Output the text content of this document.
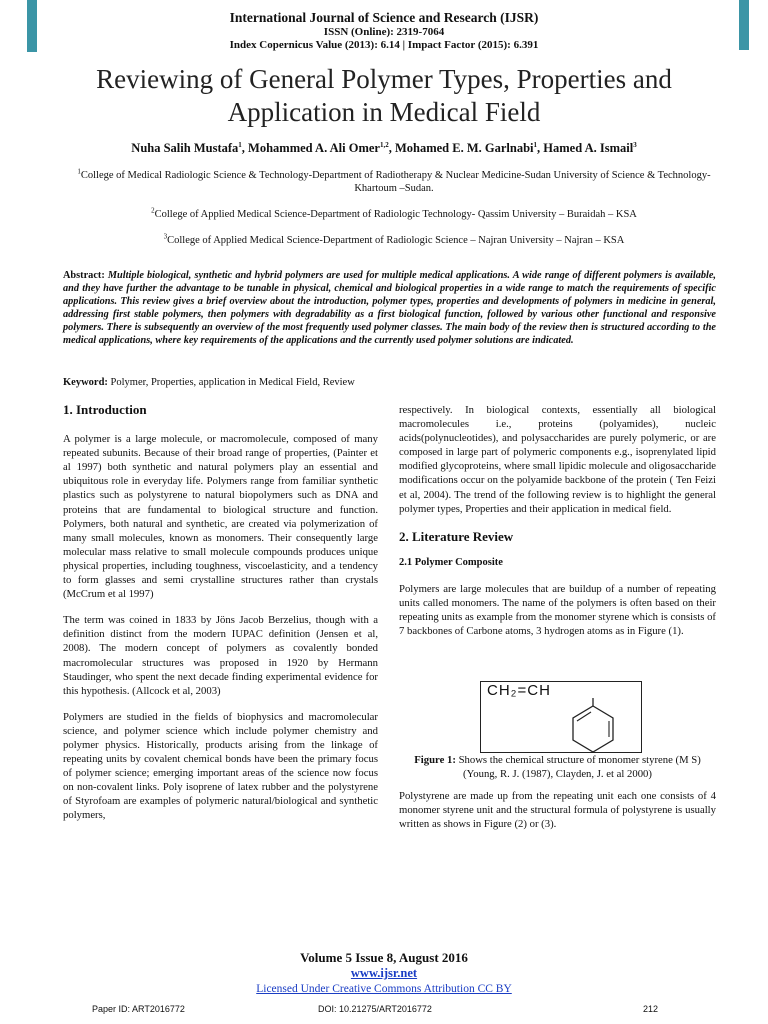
International Journal of Science and Research (IJSR)
ISSN (Online): 2319-7064
Index Copernicus Value (2013): 6.14 | Impact Factor (2015): 6.391
Reviewing of General Polymer Types, Properties and Application in Medical Field
Nuha Salih Mustafa$^1$, Mohammed A. Ali Omer$^{1,2}$, Mohamed E. M. Garlnabi$^1$, Hamed A. Ismail$^3$
$^1$College of Medical Radiologic Science & Technology-Department of Radiotherapy & Nuclear Medicine-Sudan University of Science & Technology- Khartoum –Sudan.
$^2$College of Applied Medical Science-Department of Radiologic Technology- Qassim University – Buraidah – KSA
$^3$College of Applied Medical Science-Department of Radiologic Science – Najran University – Najran – KSA
Abstract: Multiple biological, synthetic and hybrid polymers are used for multiple medical applications. A wide range of different polymers is available, and they have further the advantage to be tunable in physical, chemical and biological properties in a wide range to match the requirements of specific applications. This review gives a brief overview about the introduction, polymer types, properties and developments of polymers in medicine in general, addressing first stable polymers, then polymers with degradability as a first biological function, followed by various other functional and responsive polymers. There is subsequently an overview of the most frequently used polymer classes. The main body of the review then is structured according to the medical applications, where key requirements of the applications and the currently used polymer solutions are indicated.
Keyword: Polymer, Properties, application in Medical Field, Review

1. Introduction

A polymer is a large molecule, or macromolecule, composed of many repeated subunits. Because of their broad range of properties, (Painter et al 1997) both synthetic and natural polymers play an essential and ubiquitous role in everyday life. Polymers range from familiar synthetic plastics such as polystyrene to natural biopolymers such as DNA and proteins that are fundamental to biological structure and function. Polymers, both natural and synthetic, are created via polymerization of many small molecules, known as monomers. Their consequently large molecular mass relative to small molecule compounds produces unique physical properties, including toughness, viscoelasticity, and a tendency to form glasses and semi crystalline structures rather than crystals (McCrum et al 1997)

The term was coined in 1833 by Jöns Jacob Berzelius, though with a definition distinct from the modern IUPAC definition (Jensen et al, 2008). The modern concept of polymers as covalently bonded macromolecular structures was proposed in 1920 by Hermann Staudinger, who spent the next decade finding experimental evidence for this hypothesis. (Allcock et al, 2003)

Polymers are studied in the fields of biophysics and macromolecular science, and polymer science which include polymer chemistry and polymer physics. Historically, products arising from the linkage of repeating units by covalent chemical bonds have been the primary focus of polymer science; emerging important areas of the science now focus on non-covalent links. Poly isoprene of latex rubber and the polystyrene of Styrofoam are examples of polymeric natural/biological and synthetic polymers,

respectively. In biological contexts, essentially all biological macromolecules i.e., proteins (polyamides), nucleic acids(polynucleotides), and polysaccharides are purely polymeric, or are composed in large part of polymeric components e.g., isoprenylated lipid modified glycoproteins, where small lipidic molecule and oligosaccharide modifications occur on the polyamide backbone of the protein ( Ten Feizi et al, 2004). The trend of the following review is to highlight the general polymer types, Properties and their application in medical field.

2. Literature Review

2.1 Polymer Composite

Polymers are large molecules that are buildup of a number of repeating units called monomers. The name of the polymers is often based on their repeating units as example from the monomer styrene which is consists of 7 backbones of Carbone atoms, 3 hydrogen atoms as in Figure (1).

CH₂=CH
Figure 1: Shows the chemical structure of monomer styrene (M S) (Young, R. J. (1987), Clayden, J. et al 2000)

Polystyrene are made up from the repeating unit each one consists of 4 monomer styrene unit and the structural formula of polystyrene is usually written as shows in Figure (2) or (3).

Volume 5 Issue 8, August 2016
www.ijsr.net
Licensed Under Creative Commons Attribution CC BY
Paper ID: ART2016772	DOI: 10.21275/ART2016772	212
